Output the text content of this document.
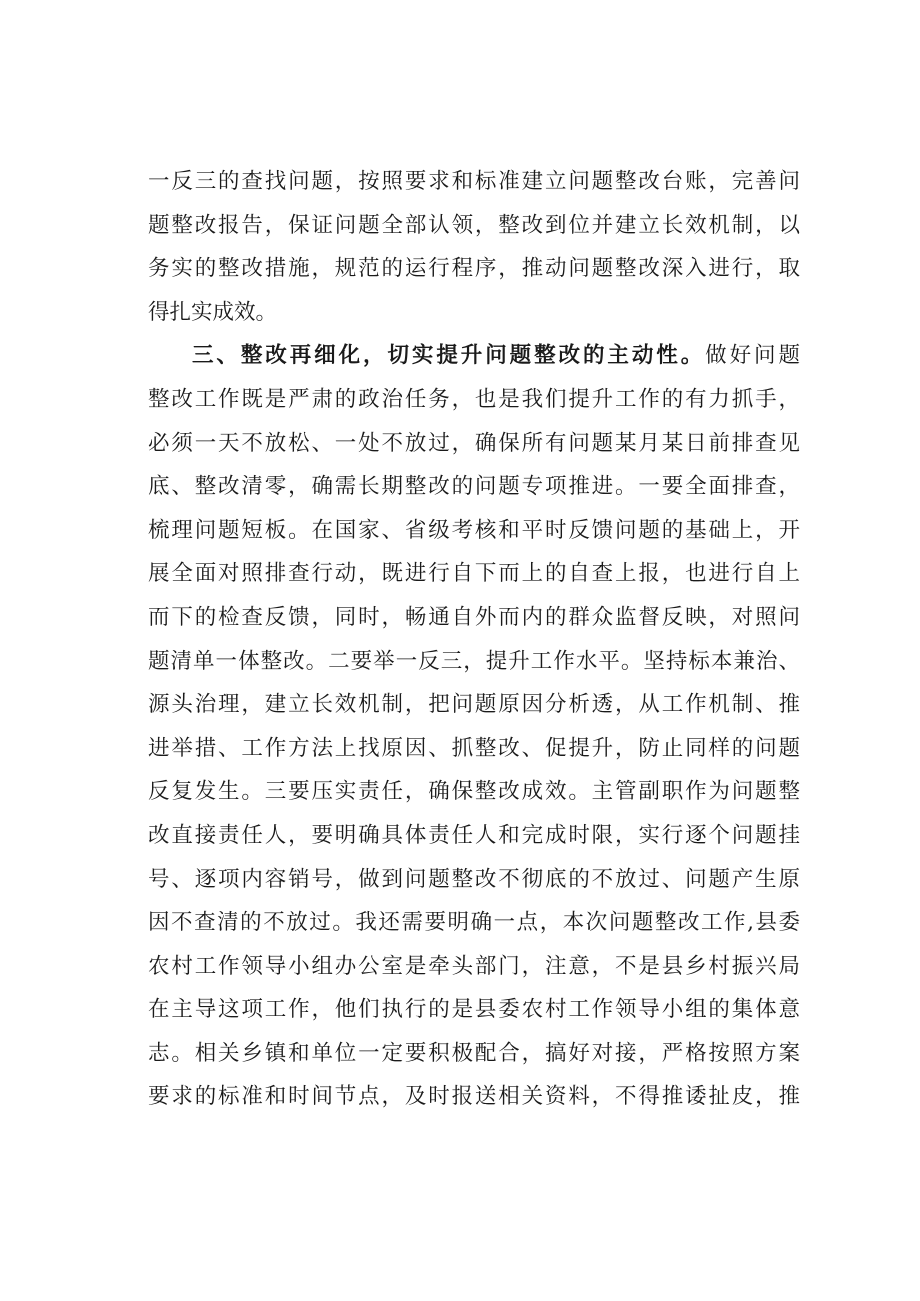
一反三的查找问题，按照要求和标准建立问题整改台账，完善问
题整改报告，保证问题全部认领，整改到位并建立长效机制，以
务实的整改措施，规范的运行程序，推动问题整改深入进行，取
得扎实成效。
三、整改再细化，切实提升问题整改的主动性。做好问题
整改工作既是严肃的政治任务，也是我们提升工作的有力抓手，
必须一天不放松、一处不放过，确保所有问题某月某日前排查见
底、整改清零，确需长期整改的问题专项推进。一要全面排查，
梳理问题短板。在国家、省级考核和平时反馈问题的基础上，开
展全面对照排查行动，既进行自下而上的自查上报，也进行自上
而下的检查反馈，同时，畅通自外而内的群众监督反映，对照问
题清单一体整改。二要举一反三，提升工作水平。坚持标本兼治、
源头治理，建立长效机制，把问题原因分析透，从工作机制、推
进举措、工作方法上找原因、抓整改、促提升，防止同样的问题
反复发生。三要压实责任，确保整改成效。主管副职作为问题整
改直接责任人，要明确具体责任人和完成时限，实行逐个问题挂
号、逐项内容销号，做到问题整改不彻底的不放过、问题产生原
因不查清的不放过。我还需要明确一点，本次问题整改工作,县委
农村工作领导小组办公室是牵头部门，注意，不是县乡村振兴局
在主导这项工作，他们执行的是县委农村工作领导小组的集体意
志。相关乡镇和单位一定要积极配合，搞好对接，严格按照方案
要求的标准和时间节点，及时报送相关资料，不得推诿扯皮，推
